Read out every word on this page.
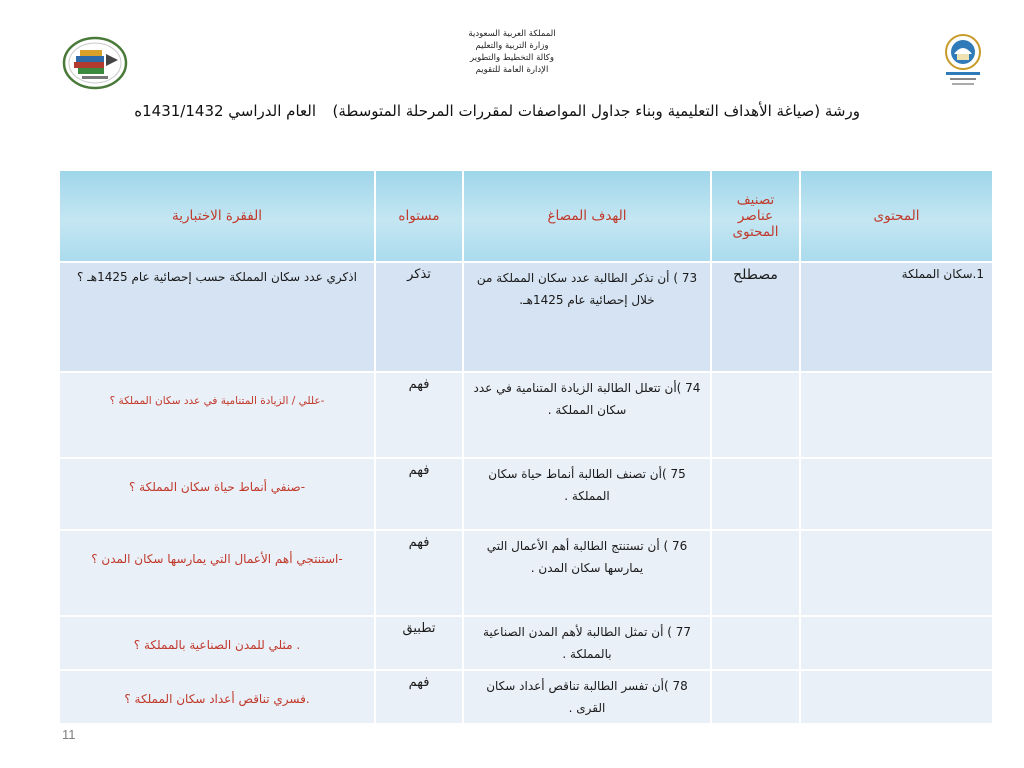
المملكة العربية السعودية
وزارة التربية والتعليم
وكالة التخطيط والتطوير
الإدارة العامة للتقويم
ورشة (صياغة الأهداف التعليمية وبناء جداول المواصفات لمقررات المرحلة المتوسطة)
العام الدراسي 1431/1432ه
المحتوى	تصنيف عناصر المحتوى	الهدف المصاغ	مستواه	الفقرة الاختبارية
1.سكان المملكة	مصطلح	73 ) أن تذكر الطالبة عدد سكان المملكة من خلال إحصائية عام 1425هـ.	تذكر	اذكري عدد سكان المملكة حسب إحصائية عام 1425هـ ؟
		74 )أن تتعلل الطالبة الزيادة المتنامية في عدد سكان المملكة .	فهم	-عللي / الزيادة المتنامية في عدد سكان المملكة ؟
		75 )أن تصنف الطالبة أنماط حياة سكان المملكة .	فهم	-صنفي أنماط حياة سكان المملكة ؟
		76 ) أن تستنتج الطالبة أهم الأعمال التي يمارسها سكان المدن .	فهم	-استنتجي أهم الأعمال التي يمارسها سكان المدن ؟
		77 ) أن تمثل الطالبة لأهم المدن الصناعية بالمملكة .	تطبيق	. مثلي للمدن الصناعية بالمملكة ؟
		78 )أن تفسر الطالبة تناقص أعداد سكان القرى .	فهم	.فسري تناقص أعداد سكان المملكة ؟
11
